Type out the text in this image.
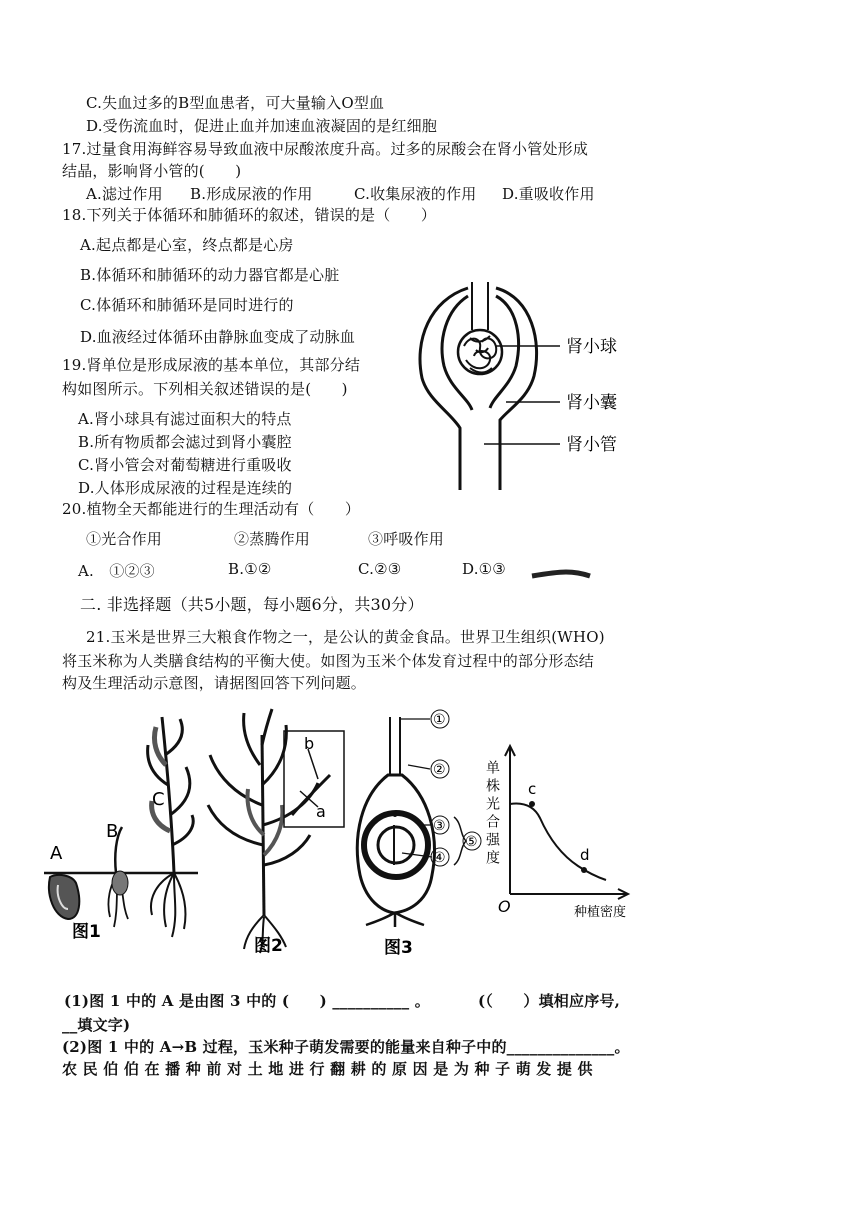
C.失血过多的B型血患者，可大量输入O型血
D.受伤流血时，促进止血并加速血液凝固的是红细胞
17.过量食用海鲜容易导致血液中尿酸浓度升高。过多的尿酸会在肾小管处形成
结晶，影响肾小管的(　　)
A.滤过作用 B.形成尿液的作用	C.收集尿液的作用 D.重吸收作用
18.下列关于体循环和肺循环的叙述，错误的是（　　）
A.起点都是心室，终点都是心房
B.体循环和肺循环的动力器官都是心脏
C.体循环和肺循环是同时进行的
D.血液经过体循环由静脉血变成了动脉血
19.肾单位是形成尿液的基本单位，其部分结
构如图所示。下列相关叙述错误的是(　　)
A.肾小球具有滤过面积大的特点
B.所有物质都会滤过到肾小囊腔
C.肾小管会对葡萄糖进行重吸收
D.人体形成尿液的过程是连续的
肾小球
肾小囊
肾小管
20.植物全天都能进行的生理活动有（　　）
①光合作用	②蒸腾作用	③呼吸作用
A.　①②③	B.①②	C.②③	D.①③
二. 非选择题（共5小题，每小题6分，共30分）
21.玉米是世界三大粮食作物之一，是公认的黄金食品。世界卫生组织(WHO)
将玉米称为人类膳食结构的平衡大使。如图为玉米个体发育过程中的部分形态结
构及生理活动示意图，请据图回答下列问题。
A
B
C
图1
b
a
图2
①
②
③
④
⑤
图3
单株光合强度 c
d
O	种植密度
(1)图 1 中的 A 是由图 3 中的 (　　) __________ 。	(（　　）填相应序号,
__填文字)
(2)图 1 中的 A→B 过程，玉米种子萌发需要的能量来自种子中的______________。
农 民 伯 伯 在 播 种 前 对 土 地 进 行 翻 耕 的 原 因 是 为 种 子 萌 发 提 供
